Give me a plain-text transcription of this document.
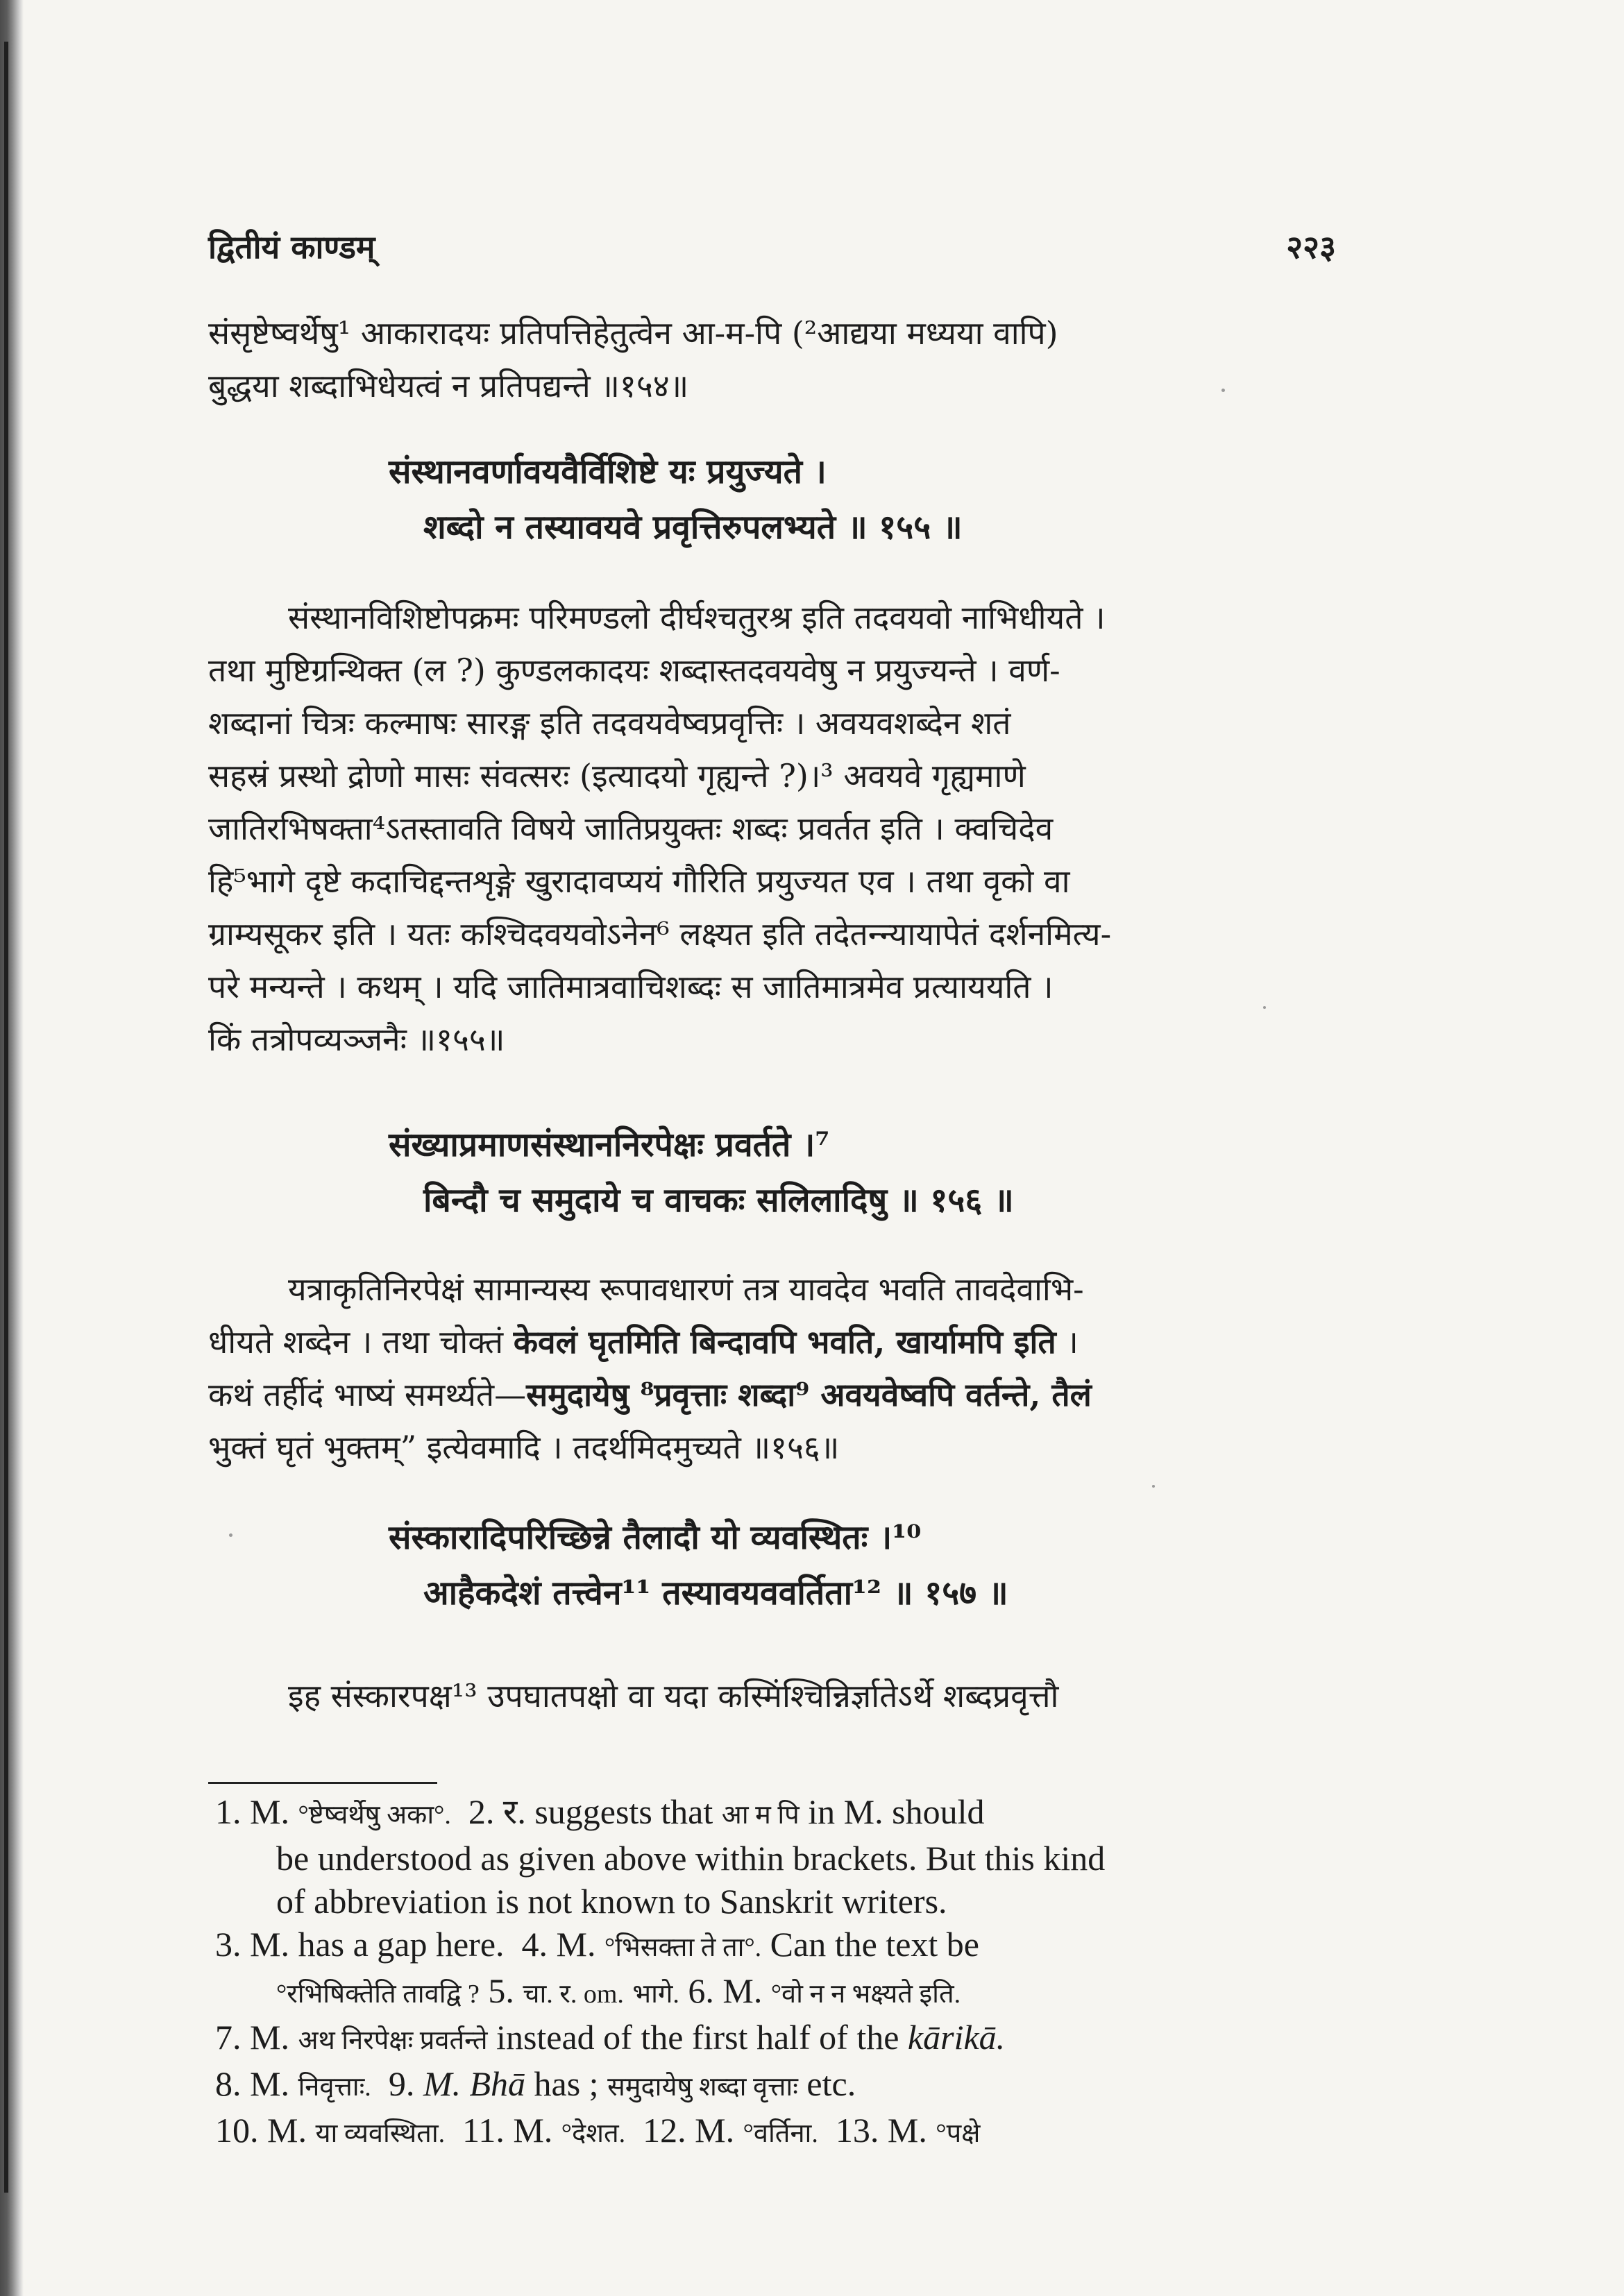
द्वितीयं काण्डम्	२२३
संसृष्टेष्वर्थेषु¹ आकारादयः प्रतिपत्तिहेतुत्वेन आ-म-पि (²आद्यया मध्यया वापि)
बुद्धया शब्दाभिधेयत्वं न प्रतिपद्यन्ते ॥१५४॥
संस्थानवर्णावयवैर्विशिष्टे यः प्रयुज्यते ।
शब्दो न तस्यावयवे प्रवृत्तिरुपलभ्यते ॥ १५५ ॥
संस्थानविशिष्टोपक्रमः परिमण्डलो दीर्घश्चतुरश्र इति तदवयवो नाभिधीयते ।
तथा मुष्टिग्रन्थिक्त (ल ?) कुण्डलकादयः शब्दास्तदवयवेषु न प्रयुज्यन्ते । वर्ण-
शब्दानां चित्रः कल्माषः सारङ्ग इति तदवयवेष्वप्रवृत्तिः । अवयवशब्देन शतं
सहस्रं प्रस्थो द्रोणो मासः संवत्सरः (इत्यादयो गृह्यन्ते ?)।³ अवयवे गृह्यमाणे
जातिरभिषक्ता⁴ऽतस्तावति विषये जातिप्रयुक्तः शब्दः प्रवर्तत इति । क्वचिदेव
हि⁵भागे दृष्टे कदाचिद्दन्तशृङ्गे खुरादावप्ययं गौरिति प्रयुज्यत एव । तथा वृको वा
ग्राम्यसूकर इति । यतः कश्चिदवयवोऽनेन⁶ लक्ष्यत इति तदेतन्न्यायापेतं दर्शनमित्य-
परे मन्यन्ते । कथम् । यदि जातिमात्रवाचिशब्दः स जातिमात्रमेव प्रत्याययति ।
किं तत्रोपव्यञ्जनैः ॥१५५॥
संख्याप्रमाणसंस्थाननिरपेक्षः प्रवर्तते ।⁷
बिन्दौ च समुदाये च वाचकः सलिलादिषु ॥ १५६ ॥
यत्राकृतिनिरपेक्षं सामान्यस्य रूपावधारणं तत्र यावदेव भवति तावदेवाभि-
धीयते शब्देन । तथा चोक्तं केवलं घृतमिति बिन्दावपि भवति, खार्यामपि इति ।
कथं तर्हीदं भाष्यं समर्थ्यते—समुदायेषु ⁸प्रवृत्ताः शब्दा⁹ अवयवेष्वपि वर्तन्ते, तैलं
भुक्तं घृतं भुक्तम्” इत्येवमादि । तदर्थमिदमुच्यते ॥१५६॥
संस्कारादिपरिच्छिन्ने तैलादौ यो व्यवस्थितः ।¹⁰
आहैकदेशं तत्त्वेन¹¹ तस्यावयववर्तिता¹² ॥ १५७ ॥
इह संस्कारपक्ष¹³ उपघातपक्षो वा यदा कस्मिंश्चिन्निर्ज्ञातेऽर्थे शब्दप्रवृत्तौ
1. M. °ष्टेष्वर्थेषु अका°. 2. र. suggests that आ म पि in M. should
be understood as given above within brackets. But this kind
of abbreviation is not known to Sanskrit writers.
3. M. has a gap here. 4. M. °भिसक्ता ते ता°. Can the text be
°रभिषिक्तेति तावद्वि ? 5. चा. र. om. भागे. 6. M. °वो न न भक्ष्यते इति.
7. M. अथ निरपेक्षः प्रवर्तन्ते instead of the first half of the kārikā.
8. M. निवृत्ताः. 9. M. Bhā has ; समुदायेषु शब्दा वृत्ताः etc.
10. M. या व्यवस्थिता. 11. M. °देशत. 12. M. °वर्तिना. 13. M. °पक्षे
